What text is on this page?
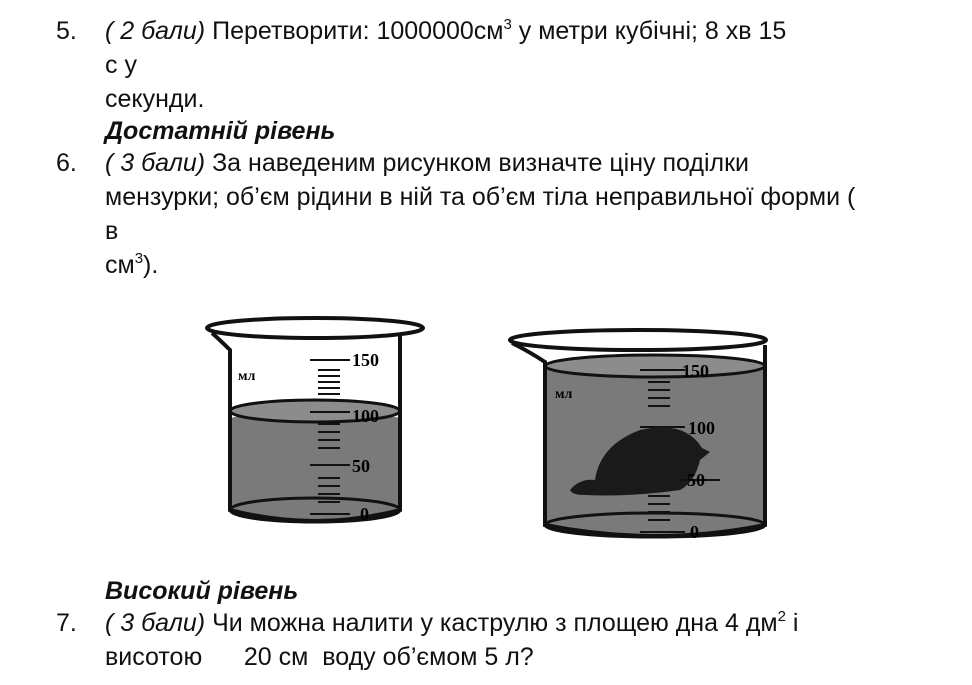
5. ( 2 бали) Перетворити: $1000000см^3$ у метри кубічні; 8 хв 15
с у секунди.
Достатній рівень
6. ( 3 бали) За наведеним рисунком визначте ціну поділки
мензурки; об’єм рідини в ній та об’єм тіла неправильної форми (
в $см^3$).
мл
150
100
50
0
мл
150
100
50
0
Високий рівень
7. ( 3 бали) Чи можна налити у каструлю з площею дна 4 $дм^2$ і
висотою      20 см  воду об’ємом 5 л?
